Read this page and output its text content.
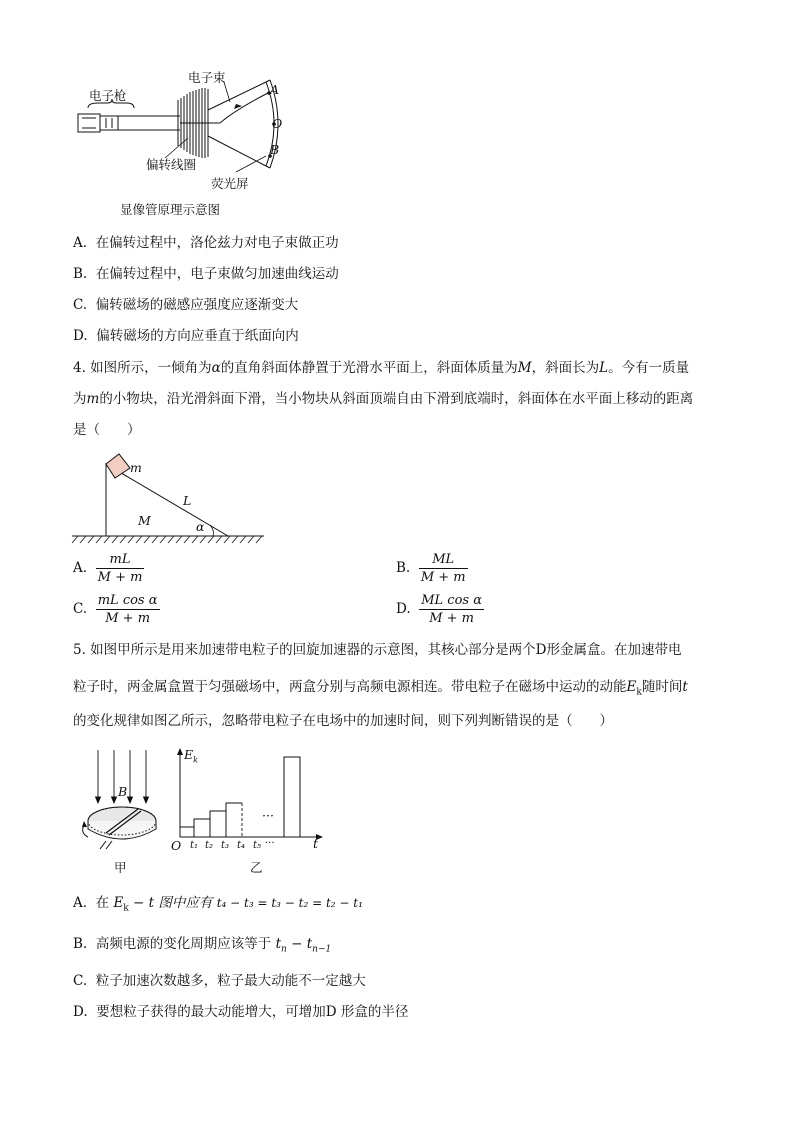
电子枪
电子束
A
O
B
偏转线圈
荧光屏
显像管原理示意图
A. 在偏转过程中，洛伦兹力对电子束做正功
B. 在偏转过程中，电子束做匀加速曲线运动
C. 偏转磁场的磁感应强度应逐渐变大
D. 偏转磁场的方向应垂直于纸面向内
4. 如图所示，一倾角为α的直角斜面体静置于光滑水平面上，斜面体质量为M，斜面长为L。今有一质量
为m的小物块，沿光滑斜面下滑，当小物块从斜面顶端自由下滑到底端时，斜面体在水平面上移动的距离
是（　　）
m
L
M	α
A. $\frac{mL}{M + m}$	B. $\frac{ML}{M + m}$
C. $\frac{\text{mL cos α}}{M + m}$	D. $\frac{\text{ML cos α}}{M + m}$
5. 如图甲所示是用来加速带电粒子的回旋加速器的示意图，其核心部分是两个D形金属盒。在加速带电
粒子时，两金属盒置于匀强磁场中，两盒分别与高频电源相连。带电粒子在磁场中运动的动能$E_k$随时间t
的变化规律如图乙所示，忽略带电粒子在电场中的加速时间，则下列判断错误的是（　　）
B
甲
$E_k$
···
O t₁ t₂ t₃ t₄ t₅ ···	t
乙
A. 在 $E_k - t$ 图中应有 t₄ − t₃ = t₃ − t₂ = t₂ − t₁
B. 高频电源的变化周期应该等于 $t_n - t_{n-1}$
C. 粒子加速次数越多，粒子最大动能不一定越大
D. 要想粒子获得的最大动能增大，可增加D 形盒的半径
